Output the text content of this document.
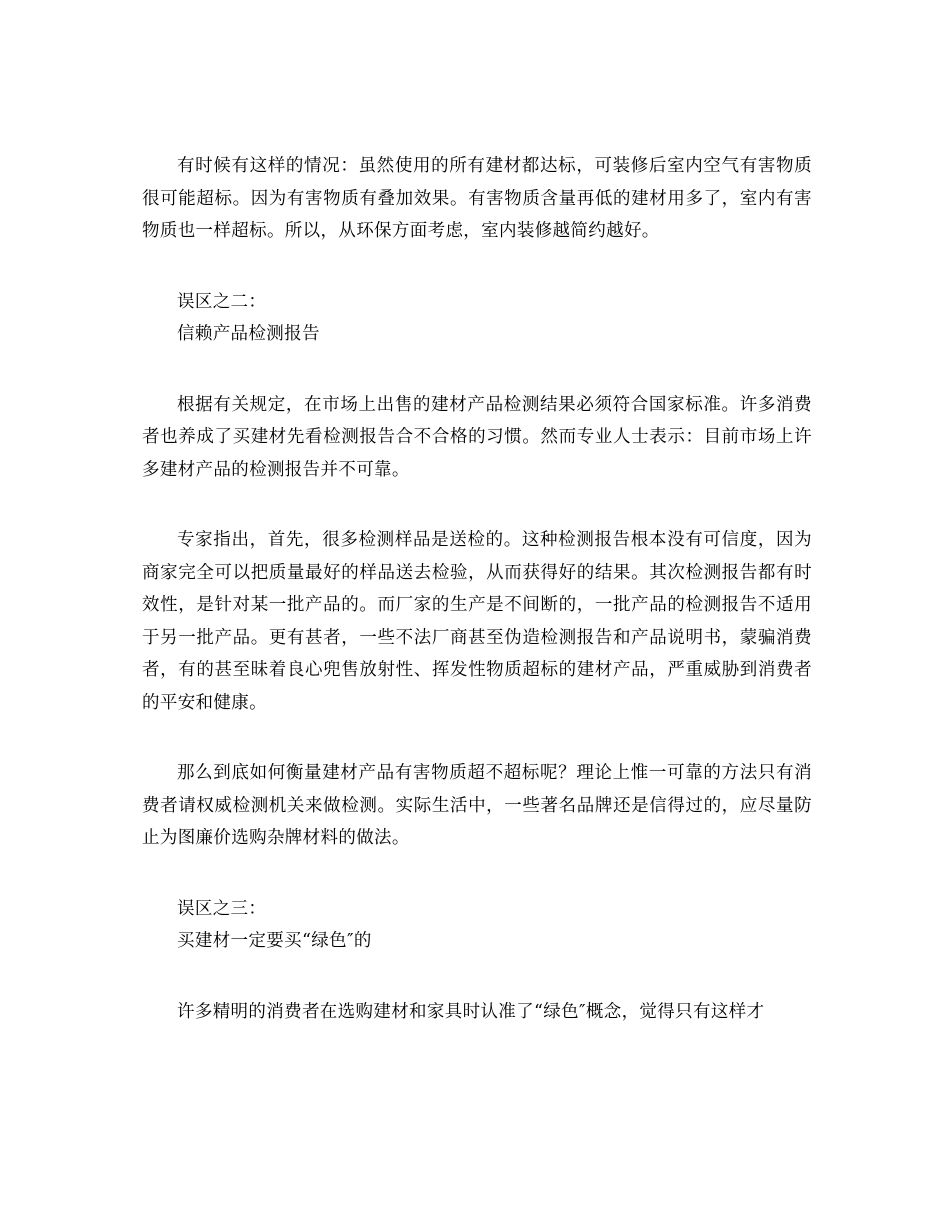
有时候有这样的情况：虽然使用的所有建材都达标，可装修后室内空气有害物质很可能超标。因为有害物质有叠加效果。有害物质含量再低的建材用多了，室内有害物质也一样超标。所以，从环保方面考虑，室内装修越简约越好。

误区之二：

信赖产品检测报告

根据有关规定，在市场上出售的建材产品检测结果必须符合国家标准。许多消费者也养成了买建材先看检测报告合不合格的习惯。然而专业人士表示：目前市场上许多建材产品的检测报告并不可靠。

专家指出，首先，很多检测样品是送检的。这种检测报告根本没有可信度，因为商家完全可以把质量最好的样品送去检验，从而获得好的结果。其次检测报告都有时效性，是针对某一批产品的。而厂家的生产是不间断的，一批产品的检测报告不适用于另一批产品。更有甚者，一些不法厂商甚至伪造检测报告和产品说明书，蒙骗消费者，有的甚至昧着良心兜售放射性、挥发性物质超标的建材产品，严重威胁到消费者的平安和健康。

那么到底如何衡量建材产品有害物质超不超标呢？理论上惟一可靠的方法只有消费者请权威检测机关来做检测。实际生活中，一些著名品牌还是信得过的，应尽量防止为图廉价选购杂牌材料的做法。

误区之三：

买建材一定要买“绿色″的

许多精明的消费者在选购建材和家具时认准了“绿色″概念，觉得只有这样才
